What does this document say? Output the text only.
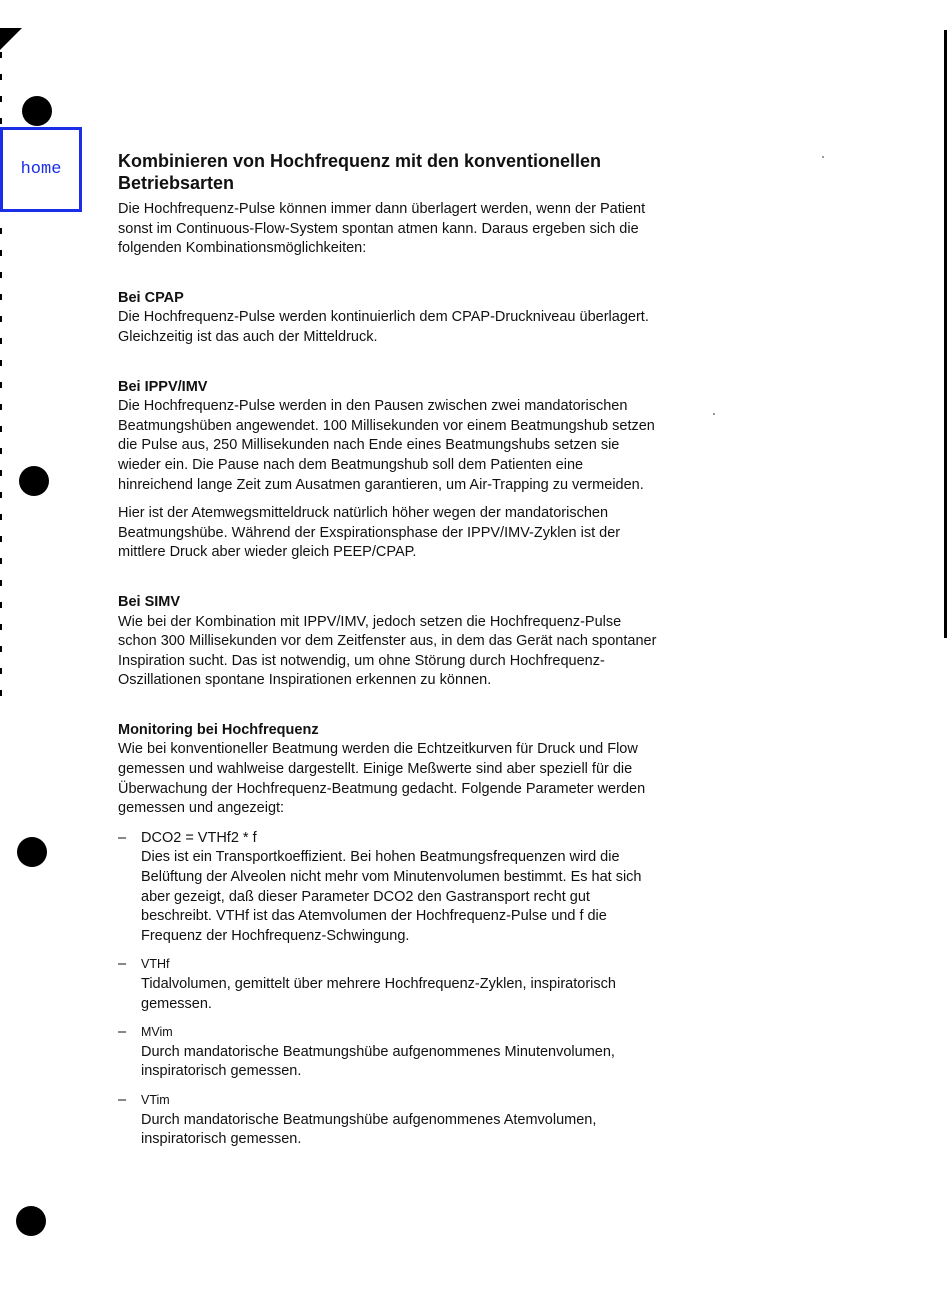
home	Kombinieren von Hochfrequenz mit den konventionellen Betriebsarten

Die Hochfrequenz-Pulse können immer dann überlagert werden, wenn der Patient sonst im Continuous-Flow-System spontan atmen kann. Daraus ergeben sich die folgenden Kombinationsmöglichkeiten:

Bei CPAP

Die Hochfrequenz-Pulse werden kontinuierlich dem CPAP-Druckniveau überlagert. Gleichzeitig ist das auch der Mitteldruck.

Bei IPPV/IMV

Die Hochfrequenz-Pulse werden in den Pausen zwischen zwei mandatorischen Beatmungshüben angewendet. 100 Millisekunden vor einem Beatmungshub setzen die Pulse aus, 250 Millisekunden nach Ende eines Beatmungshubs setzen sie wieder ein. Die Pause nach dem Beatmungshub soll dem Patienten eine hinreichend lange Zeit zum Ausatmen garantieren, um Air-Trapping zu vermeiden.

Hier ist der Atemwegsmitteldruck natürlich höher wegen der mandatorischen Beatmungshübe. Während der Exspirationsphase der IPPV/IMV-Zyklen ist der mittlere Druck aber wieder gleich PEEP/CPAP.

Bei SIMV

Wie bei der Kombination mit IPPV/IMV, jedoch setzen die Hochfrequenz-Pulse schon 300 Millisekunden vor dem Zeitfenster aus, in dem das Gerät nach spontaner Inspiration sucht. Das ist notwendig, um ohne Störung durch Hochfrequenz-Oszillationen spontane Inspirationen erkennen zu können.

Monitoring bei Hochfrequenz

Wie bei konventioneller Beatmung werden die Echtzeitkurven für Druck und Flow gemessen und wahlweise dargestellt. Einige Meßwerte sind aber speziell für die Überwachung der Hochfrequenz-Beatmung gedacht. Folgende Parameter werden gemessen und angezeigt:

– DCO2 = VTHf2 * f

Dies ist ein Transportkoeffizient. Bei hohen Beatmungsfrequenzen wird die Belüftung der Alveolen nicht mehr vom Minutenvolumen bestimmt. Es hat sich aber gezeigt, daß dieser Parameter DCO2 den Gastransport recht gut beschreibt. VTHf ist das Atemvolumen der Hochfrequenz-Pulse und f die Frequenz der Hochfrequenz-Schwingung.

– VTHf

Tidalvolumen, gemittelt über mehrere Hochfrequenz-Zyklen, inspiratorisch gemessen.

– MVim

Durch mandatorische Beatmungshübe aufgenommenes Minutenvolumen, inspiratorisch gemessen.

– VTim

Durch mandatorische Beatmungshübe aufgenommenes Atemvolumen, inspiratorisch gemessen.
